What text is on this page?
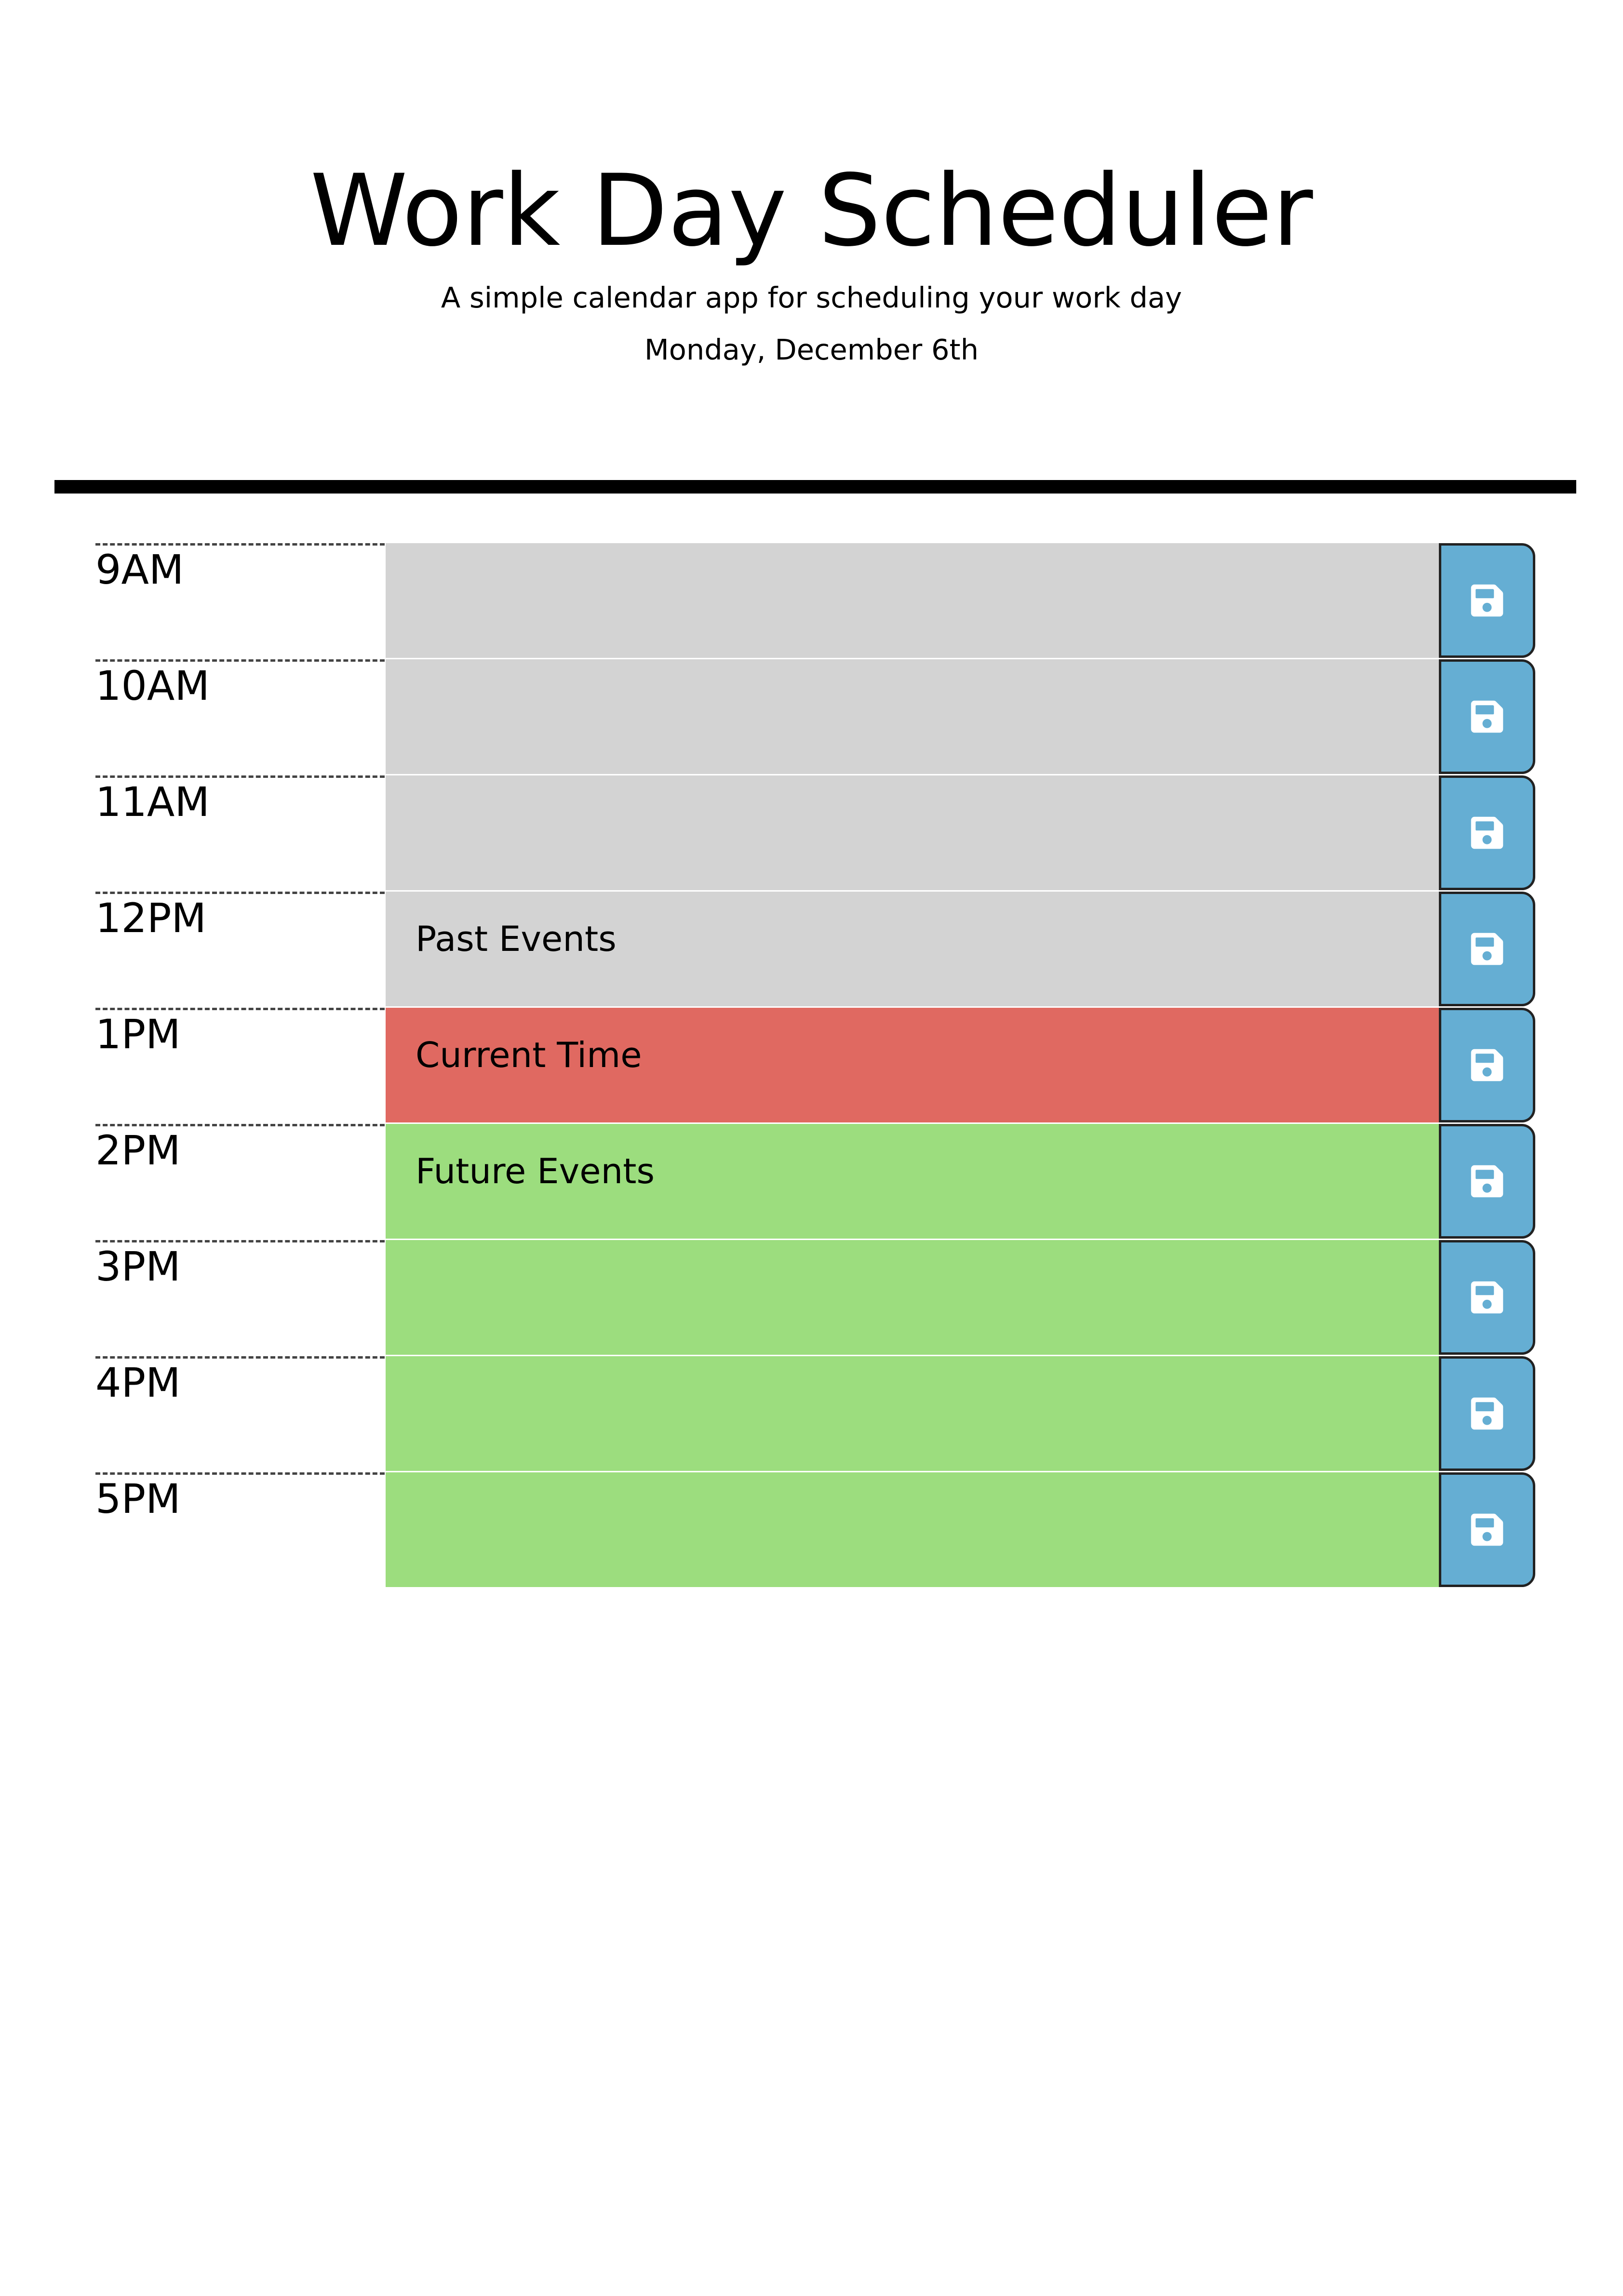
Work Day Scheduler

A simple calendar app for scheduling your work day

Monday, December 6th

9AM
10AM
11AM
12PM	Past Events
1PM	Current Time
2PM	Future Events
3PM
4PM
5PM
